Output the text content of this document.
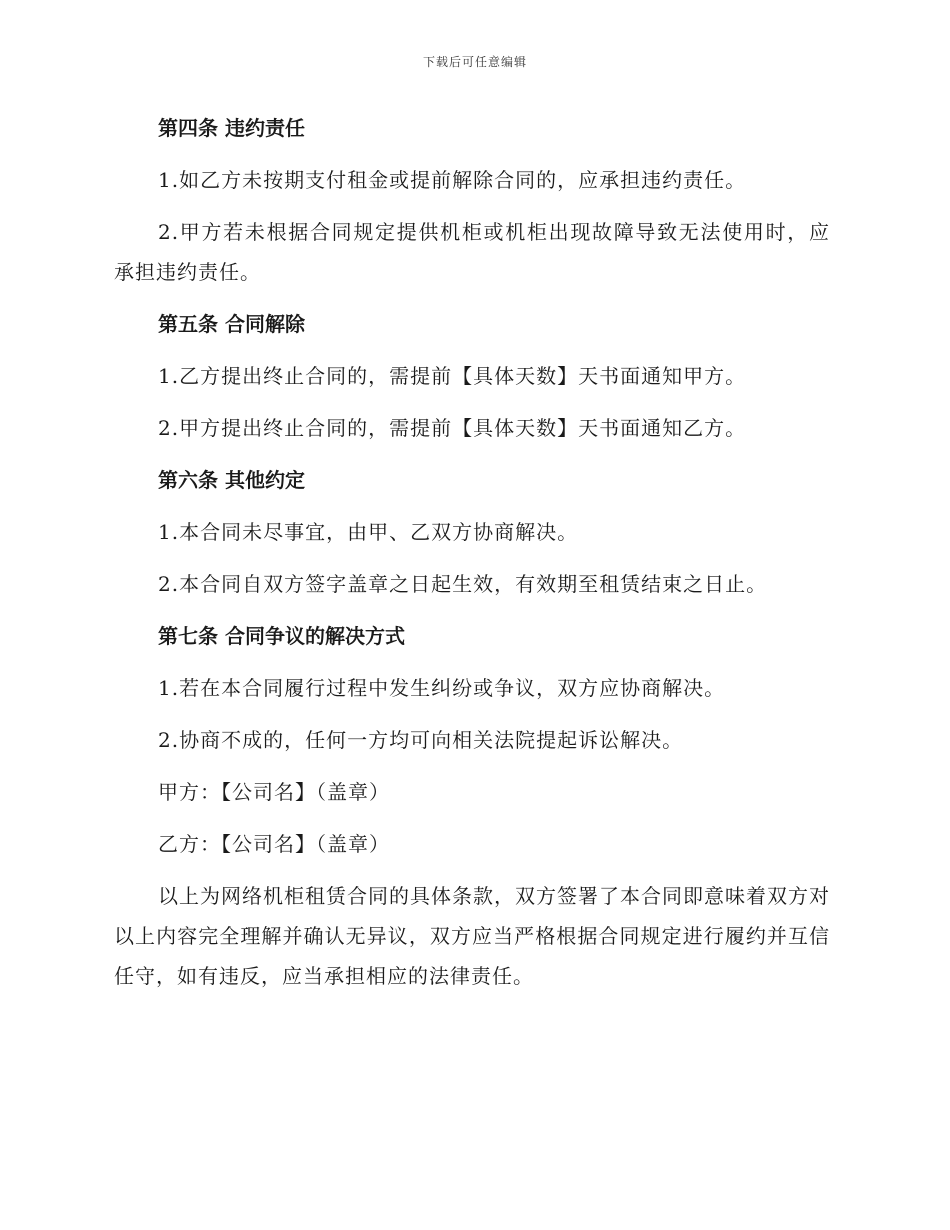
下载后可任意编辑

第四条 违约责任

1.如乙方未按期支付租金或提前解除合同的，应承担违约责任。

2.甲方若未根据合同规定提供机柜或机柜出现故障导致无法使用时，应承担违约责任。

第五条 合同解除

1.乙方提出终止合同的，需提前【具体天数】天书面通知甲方。

2.甲方提出终止合同的，需提前【具体天数】天书面通知乙方。

第六条 其他约定

1.本合同未尽事宜，由甲、乙双方协商解决。

2.本合同自双方签字盖章之日起生效，有效期至租赁结束之日止。

第七条 合同争议的解决方式

1.若在本合同履行过程中发生纠纷或争议，双方应协商解决。

2.协商不成的，任何一方均可向相关法院提起诉讼解决。

甲方：【公司名】（盖章）

乙方：【公司名】（盖章）

以上为网络机柜租赁合同的具体条款，双方签署了本合同即意味着双方对以上内容完全理解并确认无异议，双方应当严格根据合同规定进行履约并互信任守，如有违反，应当承担相应的法律责任。
